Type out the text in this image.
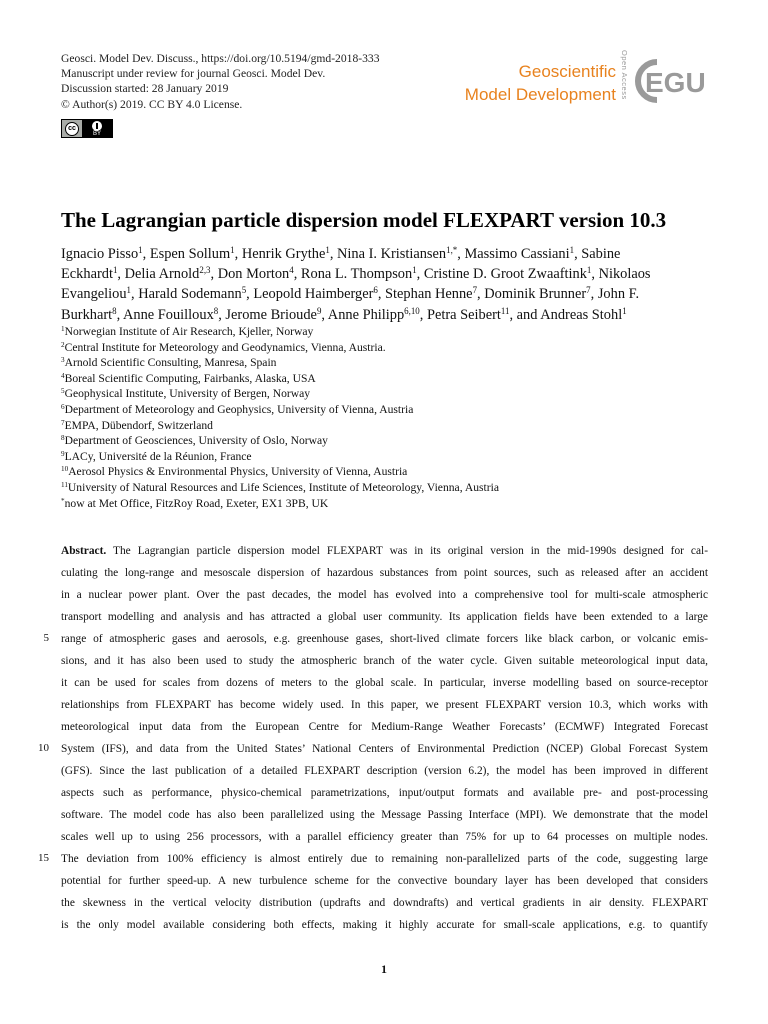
Geosci. Model Dev. Discuss., https://doi.org/10.5194/gmd-2018-333
Manuscript under review for journal Geosci. Model Dev.
Discussion started: 28 January 2019
© Author(s) 2019. CC BY 4.0 License.
cc
BY
Geoscientific
Model Development Open Access EGU
The Lagrangian particle dispersion model FLEXPART version 10.3
Ignacio Pisso$^1$, Espen Sollum$^1$, Henrik Grythe$^1$, Nina I. Kristiansen$^{1,*}$, Massimo Cassiani$^1$, Sabine
Eckhardt$^1$, Delia Arnold$^{2,3}$, Don Morton$^4$, Rona L. Thompson$^1$, Cristine D. Groot Zwaaftink$^1$, Nikolaos
Evangeliou$^1$, Harald Sodemann$^5$, Leopold Haimberger$^6$, Stephan Henne$^7$, Dominik Brunner$^7$, John F.
Burkhart$^8$, Anne Fouilloux$^8$, Jerome Brioude$^9$, Anne Philipp$^{6,10}$, Petra Seibert$^{11}$, and Andreas Stohl$^1$
$^1$Norwegian Institute of Air Research, Kjeller, Norway
$^2$Central Institute for Meteorology and Geodynamics, Vienna, Austria.
$^3$Arnold Scientific Consulting, Manresa, Spain
$^4$Boreal Scientific Computing, Fairbanks, Alaska, USA
$^5$Geophysical Institute, University of Bergen, Norway
$^6$Department of Meteorology and Geophysics, University of Vienna, Austria
$^7$EMPA, Dübendorf, Switzerland
$^8$Department of Geosciences, University of Oslo, Norway
$^9$LACy, Université de la Réunion, France
$^{10}$Aerosol Physics & Environmental Physics, University of Vienna, Austria
$^{11}$University of Natural Resources and Life Sciences, Institute of Meteorology, Vienna, Austria
*now at Met Office, FitzRoy Road, Exeter, EX1 3PB, UK
Abstract. The Lagrangian particle dispersion model FLEXPART was in its original version in the mid-1990s designed for cal-
culating the long-range and mesoscale dispersion of hazardous substances from point sources, such as released after an accident
in a nuclear power plant. Over the past decades, the model has evolved into a comprehensive tool for multi-scale atmospheric
transport modelling and analysis and has attracted a global user community. Its application fields have been extended to a large
range of atmospheric gases and aerosols, e.g. greenhouse gases, short-lived climate forcers like black carbon, or volcanic emis-
sions, and it has also been used to study the atmospheric branch of the water cycle. Given suitable meteorological input data,
it can be used for scales from dozens of meters to the global scale. In particular, inverse modelling based on source-receptor
relationships from FLEXPART has become widely used. In this paper, we present FLEXPART version 10.3, which works with
meteorological input data from the European Centre for Medium-Range Weather Forecasts’ (ECMWF) Integrated Forecast
System (IFS), and data from the United States’ National Centers of Environmental Prediction (NCEP) Global Forecast System
(GFS). Since the last publication of a detailed FLEXPART description (version 6.2), the model has been improved in different
aspects such as performance, physico-chemical parametrizations, input/output formats and available pre- and post-processing
software. The model code has also been parallelized using the Message Passing Interface (MPI). We demonstrate that the model
scales well up to using 256 processors, with a parallel efficiency greater than 75% for up to 64 processes on multiple nodes.
The deviation from 100% efficiency is almost entirely due to remaining non-parallelized parts of the code, suggesting large
potential for further speed-up. A new turbulence scheme for the convective boundary layer has been developed that considers
the skewness in the vertical velocity distribution (updrafts and downdrafts) and vertical gradients in air density. FLEXPART
is the only model available considering both effects, making it highly accurate for small-scale applications, e.g. to quantify
1
5
10
15
